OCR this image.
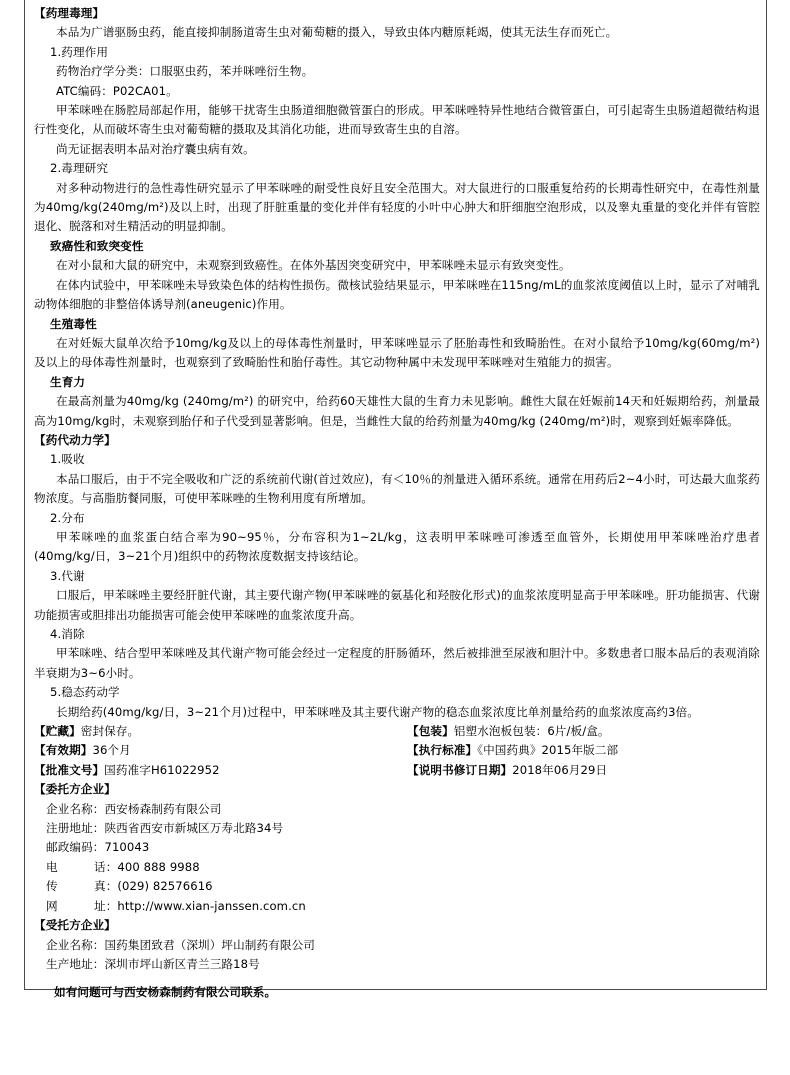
【药理毒理】
本品为广谱驱肠虫药，能直接抑制肠道寄生虫对葡萄糖的摄入，导致虫体内糖原耗竭，使其无法生存而死亡。
1.药理作用
药物治疗学分类：口服驱虫药，苯并咪唑衍生物。
ATC编码：P02CA01。
甲苯咪唑在肠腔局部起作用，能够干扰寄生虫肠道细胞微管蛋白的形成。甲苯咪唑特异性地结合微管蛋白，可引起寄生虫肠道超微结构退行性变化，从而破坏寄生虫对葡萄糖的摄取及其消化功能，进而导致寄生虫的自溶。
尚无证据表明本品对治疗囊虫病有效。
2.毒理研究
对多种动物进行的急性毒性研究显示了甲苯咪唑的耐受性良好且安全范围大。对大鼠进行的口服重复给药的长期毒性研究中，在毒性剂量为40mg/kg(240mg/m²)及以上时，出现了肝脏重量的变化并伴有轻度的小叶中心肿大和肝细胞空泡形成，以及睾丸重量的变化并伴有管腔退化、脱落和对生精活动的明显抑制。
致癌性和致突变性
在对小鼠和大鼠的研究中，未观察到致癌性。在体外基因突变研究中，甲苯咪唑未显示有致突变性。
在体内试验中，甲苯咪唑未导致染色体的结构性损伤。微核试验结果显示，甲苯咪唑在115ng/mL的血浆浓度阈值以上时，显示了对哺乳动物体细胞的非整倍体诱导剂(aneugenic)作用。
生殖毒性
在对妊娠大鼠单次给予10mg/kg及以上的母体毒性剂量时，甲苯咪唑显示了胚胎毒性和致畸胎性。在对小鼠给予10mg/kg(60mg/m²)及以上的母体毒性剂量时，也观察到了致畸胎性和胎仔毒性。其它动物种属中未发现甲苯咪唑对生殖能力的损害。
生育力
在最高剂量为40mg/kg (240mg/m²) 的研究中，给药60天雄性大鼠的生育力未见影响。雌性大鼠在妊娠前14天和妊娠期给药，剂量最高为10mg/kg时，未观察到胎仔和子代受到显著影响。但是，当雌性大鼠的给药剂量为40mg/kg (240mg/m²)时，观察到妊娠率降低。
【药代动力学】
1.吸收
本品口服后，由于不完全吸收和广泛的系统前代谢(首过效应)，有＜10％的剂量进入循环系统。通常在用药后2~4小时，可达最大血浆药物浓度。与高脂肪餐同服，可使甲苯咪唑的生物利用度有所增加。
2.分布
甲苯咪唑的血浆蛋白结合率为90~95％，分布容积为1~2L/kg，这表明甲苯咪唑可渗透至血管外，长期使用甲苯咪唑治疗患者(40mg/kg/日，3~21个月)组织中的药物浓度数据支持该结论。
3.代谢
口服后，甲苯咪唑主要经肝脏代谢，其主要代谢产物(甲苯咪唑的氨基化和羟胺化形式)的血浆浓度明显高于甲苯咪唑。肝功能损害、代谢功能损害或胆排出功能损害可能会使甲苯咪唑的血浆浓度升高。
4.消除
甲苯咪唑、结合型甲苯咪唑及其代谢产物可能会经过一定程度的肝肠循环，然后被排泄至尿液和胆汁中。多数患者口服本品后的表观消除半衰期为3~6小时。
5.稳态药动学
长期给药(40mg/kg/日，3~21个月)过程中，甲苯咪唑及其主要代谢产物的稳态血浆浓度比单剂量给药的血浆浓度高约3倍。
【贮藏】密封保存。	【包装】铝塑水泡板包装：6片/板/盒。
【有效期】36个月	【执行标准】《中国药典》2015年版二部
【批准文号】国药准字H61022952	【说明书修订日期】2018年06月29日
【委托方企业】
企业名称：西安杨森制药有限公司
注册地址：陕西省西安市新城区万寿北路34号
邮政编码：710043
电 话：400 888 9988
传 真：(029) 82576616
网 址：http://www.xian-janssen.com.cn
【受托方企业】
企业名称：国药集团致君（深圳）坪山制药有限公司
生产地址：深圳市坪山新区青兰三路18号
如有问题可与西安杨森制药有限公司联系。
